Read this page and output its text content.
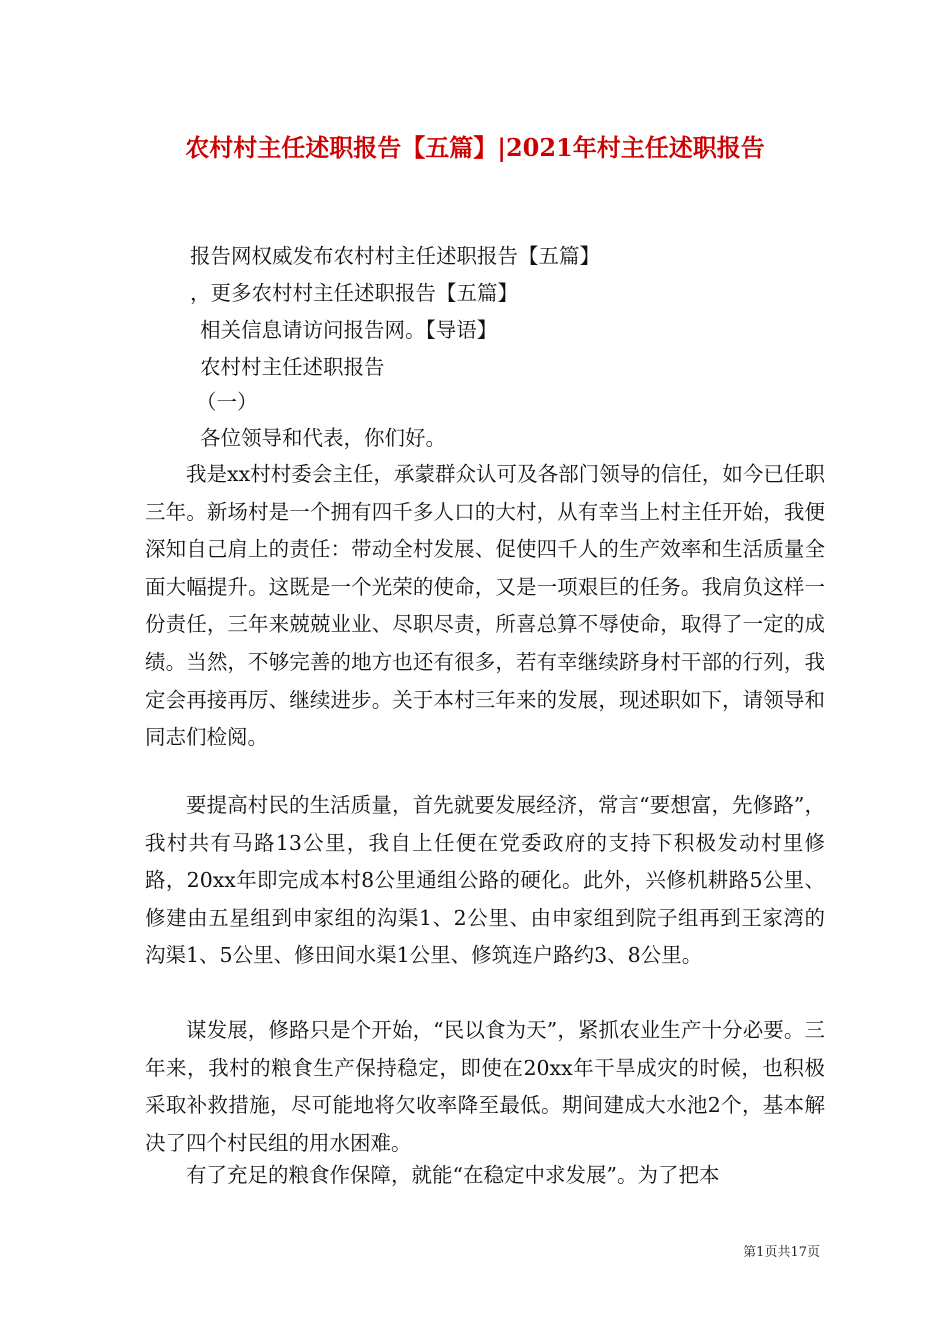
农村村主任述职报告【五篇】|2021年村主任述职报告
报告网权威发布农村村主任述职报告【五篇】
，更多农村村主任述职报告【五篇】
相关信息请访问报告网。【导语】
农村村主任述职报告
（一）
各位领导和代表，你们好。

我是xx村村委会主任，承蒙群众认可及各部门领导的信任，如今已任职三年。新场村是一个拥有四千多人口的大村，从有幸当上村主任开始，我便深知自己肩上的责任：带动全村发展、促使四千人的生产效率和生活质量全面大幅提升。这既是一个光荣的使命，又是一项艰巨的任务。我肩负这样一份责任，三年来兢兢业业、尽职尽责，所喜总算不辱使命，取得了一定的成绩。当然，不够完善的地方也还有很多，若有幸继续跻身村干部的行列，我定会再接再厉、继续进步。关于本村三年来的发展，现述职如下，请领导和同志们检阅。

要提高村民的生活质量，首先就要发展经济，常言“要想富，先修路”，我村共有马路13公里，我自上任便在党委政府的支持下积极发动村里修路，20xx年即完成本村8公里通组公路的硬化。此外，兴修机耕路5公里、修建由五星组到申家组的沟渠1、2公里、由申家组到院子组再到王家湾的沟渠1、5公里、修田间水渠1公里、修筑连户路约3、8公里。

谋发展，修路只是个开始，“民以食为天”，紧抓农业生产十分必要。三年来，我村的粮食生产保持稳定，即使在20xx年干旱成灾的时候，也积极采取补救措施，尽可能地将欠收率降至最低。期间建成大水池2个，基本解决了四个村民组的用水困难。

有了充足的粮食作保障，就能“在稳定中求发展”。为了把本

第1页共17页
